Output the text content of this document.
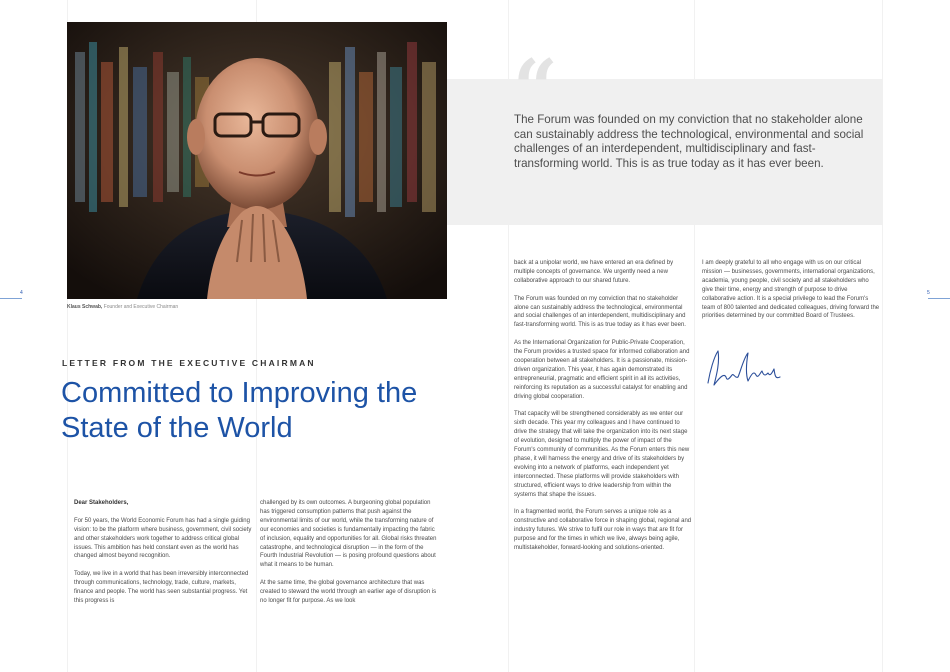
4	5
Klaus Schwab, Founder and Executive Chairman
LETTER FROM THE EXECUTIVE CHAIRMAN
Committed to Improving the State of the World
“
The Forum was founded on my conviction that no stakeholder alone can sustainably address the technological, environmental and social challenges of an interdependent, multidisciplinary and fast-transforming world. This is as true today as it has ever been.

Dear Stakeholders,

For 50 years, the World Economic Forum has had a single guiding vision: to be the platform where business, government, civil society and other stakeholders work together to address critical global issues. This ambition has held constant even as the world has changed almost beyond recognition.

Today, we live in a world that has been irreversibly interconnected through communications, technology, trade, culture, markets, finance and people. The world has seen substantial progress. Yet this progress is

challenged by its own outcomes. A burgeoning global population has triggered consumption patterns that push against the environmental limits of our world, while the transforming nature of our economies and societies is fundamentally impacting the fabric of inclusion, equality and opportunities for all. Global risks threaten catastrophe, and technological disruption — in the form of the Fourth Industrial Revolution — is posing profound questions about what it means to be human.

At the same time, the global governance architecture that was created to steward the world through an earlier age of disruption is no longer fit for purpose. As we look

back at a unipolar world, we have entered an era defined by multiple concepts of governance. We urgently need a new collaborative approach to our shared future.

The Forum was founded on my conviction that no stakeholder alone can sustainably address the technological, environmental and social challenges of an interdependent, multidisciplinary and fast-transforming world. This is as true today as it has ever been.

As the International Organization for Public-Private Cooperation, the Forum provides a trusted space for informed collaboration and cooperation between all stakeholders. It is a passionate, mission-driven organization. This year, it has again demonstrated its entrepreneurial, pragmatic and efficient spirit in all its activities, reinforcing its reputation as a successful catalyst for enabling and driving global cooperation.

That capacity will be strengthened considerably as we enter our sixth decade. This year my colleagues and I have continued to drive the strategy that will take the organization into its next stage of evolution, designed to multiply the power of impact of the Forum's community of communities. As the Forum enters this new phase, it will harness the energy and drive of its stakeholders by evolving into a network of platforms, each independent yet interconnected. These platforms will provide stakeholders with structured, efficient ways to drive leadership from within the systems that shape the issues.

In a fragmented world, the Forum serves a unique role as a constructive and collaborative force in shaping global, regional and industry futures. We strive to fulfil our role in ways that are fit for purpose and for the times in which we live, always being agile, multistakeholder, forward-looking and solutions-oriented.

I am deeply grateful to all who engage with us on our critical mission — businesses, governments, international organizations, academia, young people, civil society and all stakeholders who give their time, energy and strength of purpose to drive collaborative action. It is a special privilege to lead the Forum's team of 800 talented and dedicated colleagues, driving forward the priorities determined by our committed Board of Trustees.
